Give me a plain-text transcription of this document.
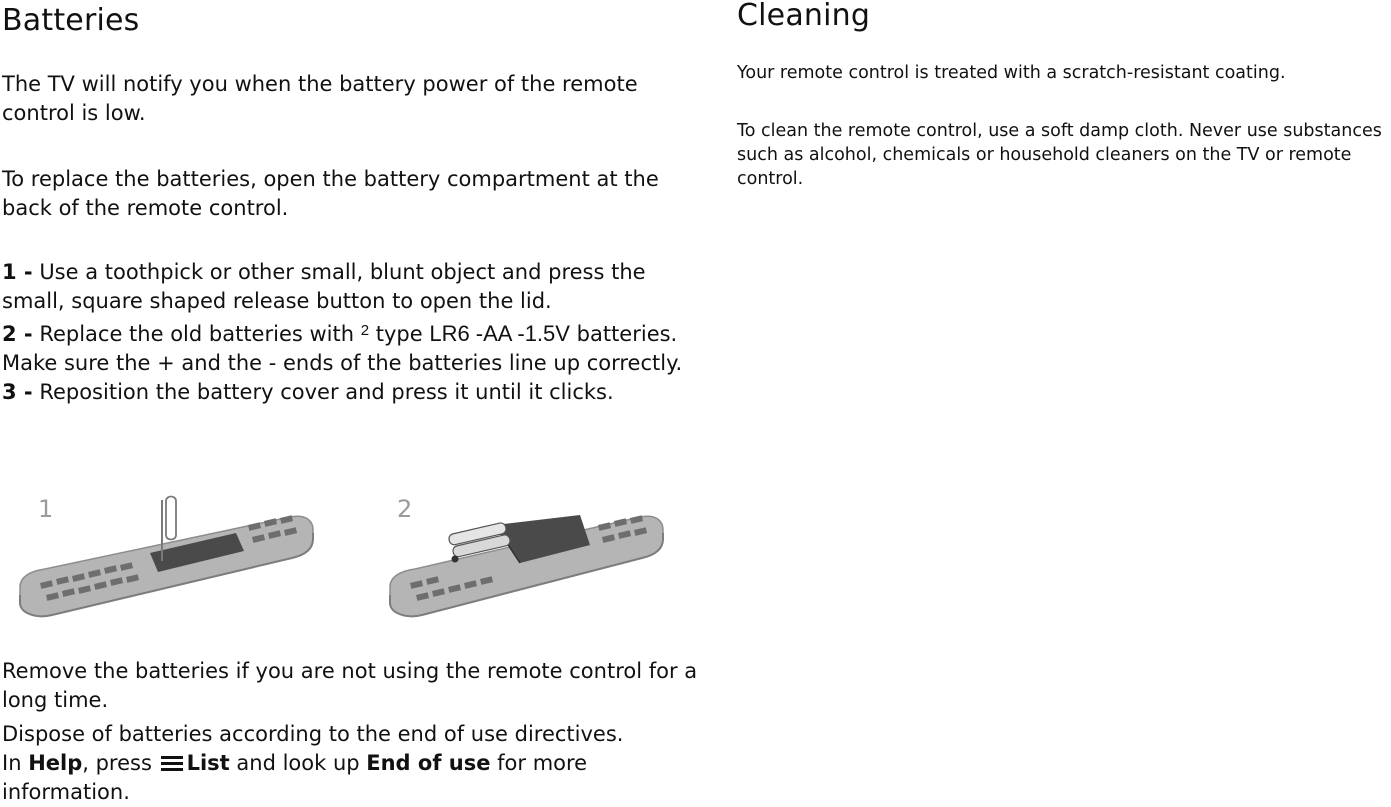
Batteries

The TV will notify you when the battery power of the remote control is low.

To replace the batteries, open the battery compartment at the back of the remote control.

1 - Use a toothpick or other small, blunt object and press the small, square shaped release button to open the lid.
2 - Replace the old batteries with $^2$ type LR6 -AA -1.5V batteries. Make sure the + and the - ends of the batteries line up correctly.
3 - Reposition the battery cover and press it until it clicks.

1	2

Remove the batteries if you are not using the remote control for a long time.

Dispose of batteries according to the end of use directives.

In Help, press List and look up End of use for more information.

Cleaning

Your remote control is treated with a scratch-resistant coating.

To clean the remote control, use a soft damp cloth. Never use substances such as alcohol, chemicals or household cleaners on the TV or remote control.
